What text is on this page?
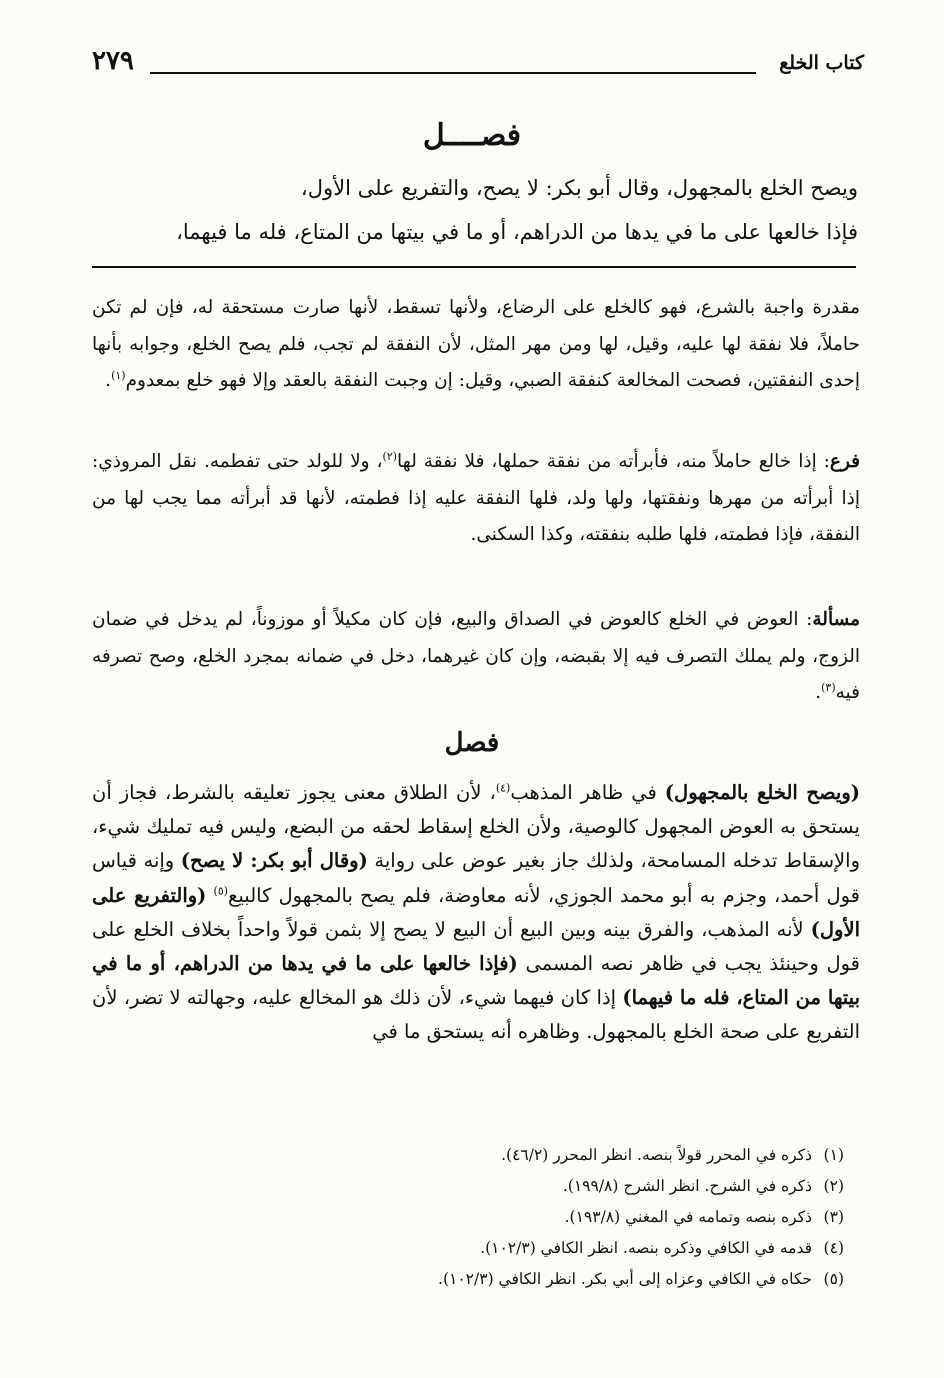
كتاب الخلع
٢٧٩
فصــــل
ويصح الخلع بالمجهول، وقال أبو بكر: لا يصح، والتفريع على الأول،
فإذا خالعها على ما في يدها من الدراهم، أو ما في بيتها من المتاع، فله ما فيهما،
مقدرة واجبة بالشرع، فهو كالخلع على الرضاع، ولأنها تسقط، لأنها صارت مستحقة له، فإن لم تكن حاملاً، فلا نفقة لها عليه، وقيل، لها ومن مهر المثل، لأن النفقة لم تجب، فلم يصح الخلع، وجوابه بأنها إحدى النفقتين، فصحت المخالعة كنفقة الصبي، وقيل: إن وجبت النفقة بالعقد وإلا فهو خلع بمعدوم$^{(١)}$.
فرع: إذا خالع حاملاً منه، فأبرأته من نفقة حملها، فلا نفقة لها$^{(٢)}$، ولا للولد حتى تفطمه. نقل المروذي: إذا أبرأته من مهرها ونفقتها، ولها ولد، فلها النفقة عليه إذا فطمته، لأنها قد أبرأته مما يجب لها من النفقة، فإذا فطمته، فلها طلبه بنفقته، وكذا السكنى.
مسألة: العوض في الخلع كالعوض في الصداق والبيع، فإن كان مكيلاً أو موزوناً، لم يدخل في ضمان الزوج، ولم يملك التصرف فيه إلا بقبضه، وإن كان غيرهما، دخل في ضمانه بمجرد الخلع، وصح تصرفه فيه$^{(٣)}$.
فصل
(ويصح الخلع بالمجهول) في ظاهر المذهب$^{(٤)}$، لأن الطلاق معنى يجوز تعليقه بالشرط، فجاز أن يستحق به العوض المجهول كالوصية، ولأن الخلع إسقاط لحقه من البضع، وليس فيه تمليك شيء، والإسقاط تدخله المسامحة، ولذلك جاز بغير عوض على رواية (وقال أبو بكر: لا يصح) وإنه قياس قول أحمد، وجزم به أبو محمد الجوزي، لأنه معاوضة، فلم يصح بالمجهول كالبيع$^{(٥)}$ (والتفريع على الأول) لأنه المذهب، والفرق بينه وبين البيع أن البيع لا يصح إلا بثمن قولاً واحداً بخلاف الخلع على قول وحينئذ يجب في ظاهر نصه المسمى (فإذا خالعها على ما في يدها من الدراهم، أو ما في بيتها من المتاع، فله ما فيهما) إذا كان فيهما شيء، لأن ذلك هو المخالع عليه، وجهالته لا تضر، لأن التفريع على صحة الخلع بالمجهول. وظاهره أنه يستحق ما في
(١)ذكره في المحرر قولاً بنصه. انظر المحرر (٤٦/٢).
(٢)ذكره في الشرح. انظر الشرح (١٩٩/٨).
(٣)ذكره بنصه وتمامه في المغني (١٩٣/٨).
(٤)قدمه في الكافي وذكره بنصه. انظر الكافي (١٠٢/٣).
(٥)حكاه في الكافي وعزاه إلى أبي بكر. انظر الكافي (١٠٢/٣).
